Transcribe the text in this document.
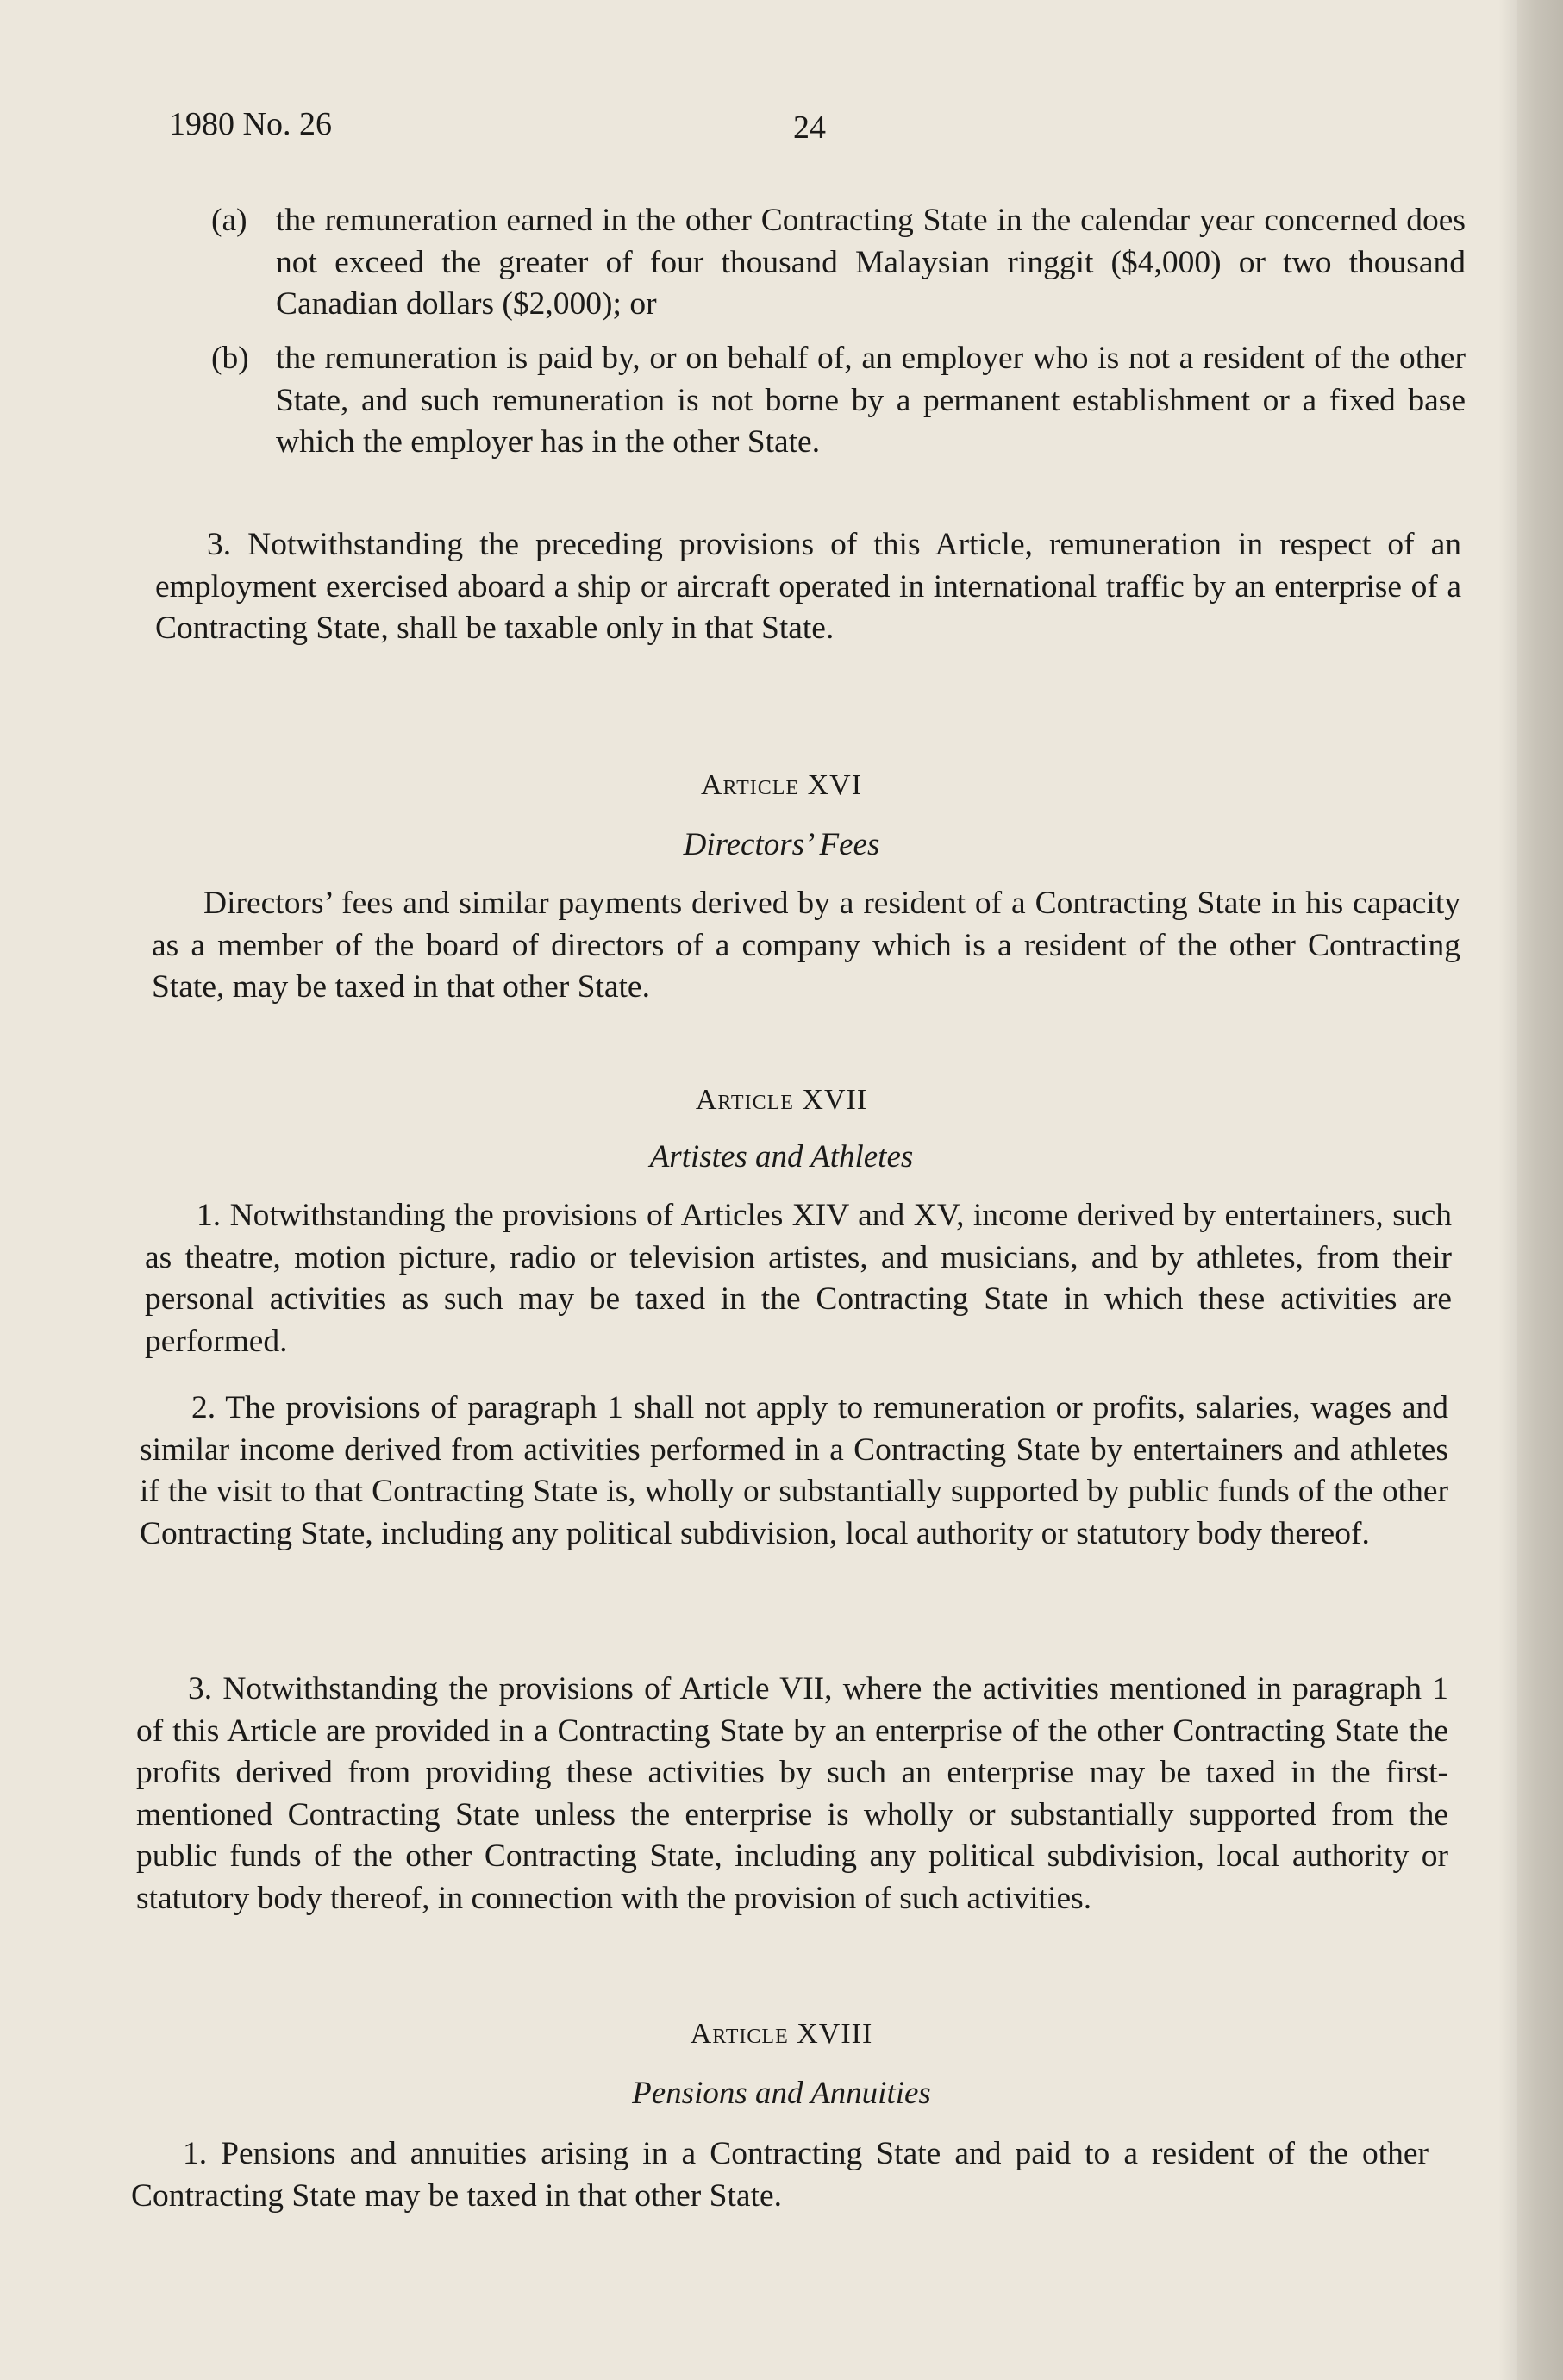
1980 No. 26	24
(a) the remuneration earned in the other Contracting State in the calendar year concerned does not exceed the greater of four thousand Malaysian ringgit ($4,000) or two thousand Canadian dollars ($2,000); or
(b) the remuneration is paid by, or on behalf of, an employer who is not a resident of the other State, and such remuneration is not borne by a permanent establishment or a fixed base which the employer has in the other State.

3. Notwithstanding the preceding provisions of this Article, remuneration in respect of an employment exercised aboard a ship or aircraft operated in international traffic by an enterprise of a Contracting State, shall be taxable only in that State.

Article XVI
Directors’ Fees

Directors’ fees and similar payments derived by a resident of a Contracting State in his capacity as a member of the board of directors of a company which is a resident of the other Contracting State, may be taxed in that other State.

Article XVII
Artistes and Athletes

1. Notwithstanding the provisions of Articles XIV and XV, income derived by entertainers, such as theatre, motion picture, radio or television artistes, and musicians, and by athletes, from their personal activities as such may be taxed in the Contracting State in which these activities are performed.

2. The provisions of paragraph 1 shall not apply to remuneration or profits, salaries, wages and similar income derived from activities performed in a Contracting State by entertainers and athletes if the visit to that Contracting State is, wholly or substantially supported by public funds of the other Contracting State, including any political subdivision, local authority or statutory body thereof.

3. Notwithstanding the provisions of Article VII, where the activities mentioned in paragraph 1 of this Article are provided in a Contracting State by an enterprise of the other Contracting State the profits derived from providing these activities by such an enterprise may be taxed in the first-mentioned Contracting State unless the enterprise is wholly or substantially supported from the public funds of the other Contracting State, including any political subdivision, local authority or statutory body thereof, in connection with the provision of such activities.

Article XVIII
Pensions and Annuities

1. Pensions and annuities arising in a Contracting State and paid to a resident of the other Contracting State may be taxed in that other State.
